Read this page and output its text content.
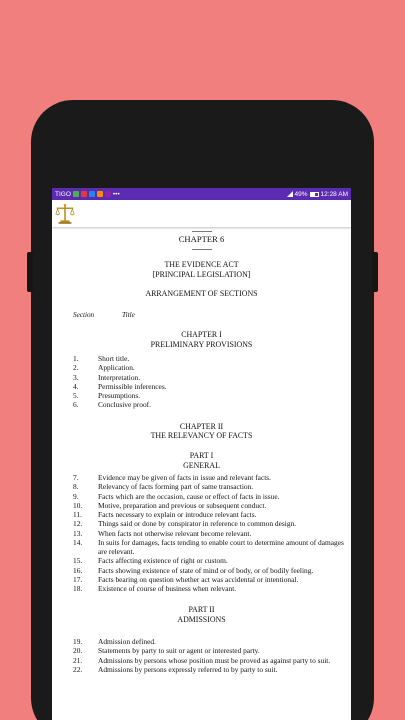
TIGO	•••	49% 12:28 AM
CHAPTER 6
THE EVIDENCE ACT
[PRINCIPAL LEGISLATION]
ARRANGEMENT OF SECTIONS
Section	Title
CHAPTER I
PRELIMINARY PROVISIONS
1.	Short title.
2.	Application.
3.	Interpretation.
4.	Permissible inferences.
5.	Presumptions.
6.	Conclusive proof.
CHAPTER II
THE RELEVANCY OF FACTS
PART I
GENERAL
7.	Evidence may be given of facts in issue and relevant facts.
8.	Relevancy of facts forming part of same transaction.
9.	Facts which are the occasion, cause or effect of facts in issue.
10.	Motive, preparation and previous or subsequent conduct.
11.	Facts necessary to explain or introduce relevant facts.
12.	Things said or done by conspirator in reference to common design.
13.	When facts not otherwise relevant become relevant.
14.	In suits for damages, facts tending to enable court to determine amount of damages are relevant.
15.	Facts affecting existence of right or custom.
16.	Facts showing existence of state of mind or of body, or of bodily feeling.
17.	Facts bearing on question whether act was accidental or intentional.
18.	Existence of course of business when relevant.
PART II
ADMISSIONS
19.	Admission defined.
20.	Statements by party to suit or agent or interested party.
21.	Admissions by persons whose position must be proved as against party to suit.
22.	Admissions by persons expressly referred to by party to suit.
